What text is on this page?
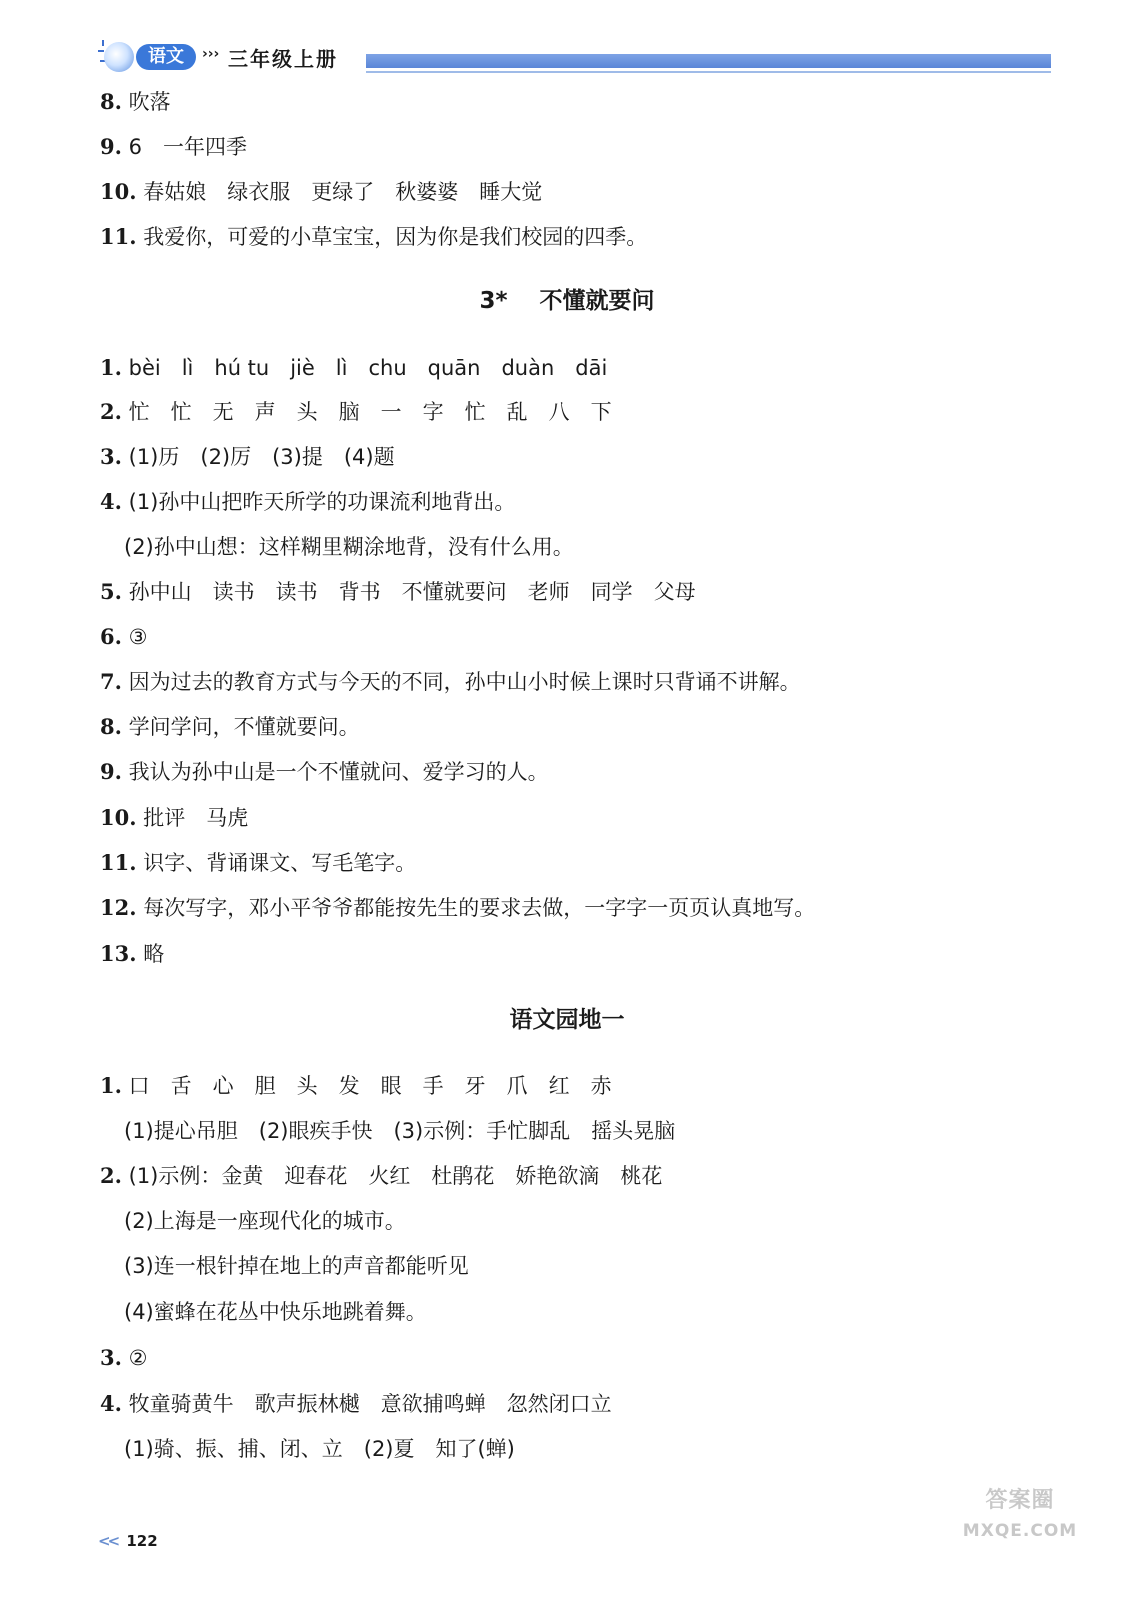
语文	››› 三年级上册
8. 吹落
9. 6　一年四季
10. 春姑娘　绿衣服　更绿了　秋婆婆　睡大觉
11. 我爱你，可爱的小草宝宝，因为你是我们校园的四季。
3* 不懂就要问
1. bèi　lì　hú tu　jiè　lì　chu　quān　duàn　dāi
2. 忙　忙　无　声　头　脑　一　字　忙　乱　八　下
3. (1)历　(2)厉　(3)提　(4)题
4. (1)孙中山把昨天所学的功课流利地背出。
(2)孙中山想：这样糊里糊涂地背，没有什么用。
5. 孙中山　读书　读书　背书　不懂就要问　老师　同学　父母
6. ③
7. 因为过去的教育方式与今天的不同，孙中山小时候上课时只背诵不讲解。
8. 学问学问，不懂就要问。
9. 我认为孙中山是一个不懂就问、爱学习的人。
10. 批评　马虎
11. 识字、背诵课文、写毛笔字。
12. 每次写字，邓小平爷爷都能按先生的要求去做，一字字一页页认真地写。
13. 略
语文园地一
1. 口　舌　心　胆　头　发　眼　手　牙　爪　红　赤
(1)提心吊胆　(2)眼疾手快　(3)示例：手忙脚乱　摇头晃脑
2. (1)示例：金黄　迎春花　火红　杜鹃花　娇艳欲滴　桃花
(2)上海是一座现代化的城市。
(3)连一根针掉在地上的声音都能听见
(4)蜜蜂在花丛中快乐地跳着舞。
3. ②
4. 牧童骑黄牛　歌声振林樾　意欲捕鸣蝉　忽然闭口立
(1)骑、振、捕、闭、立　(2)夏　知了(蝉)
<< 122
答案圈
MXQE.COM
